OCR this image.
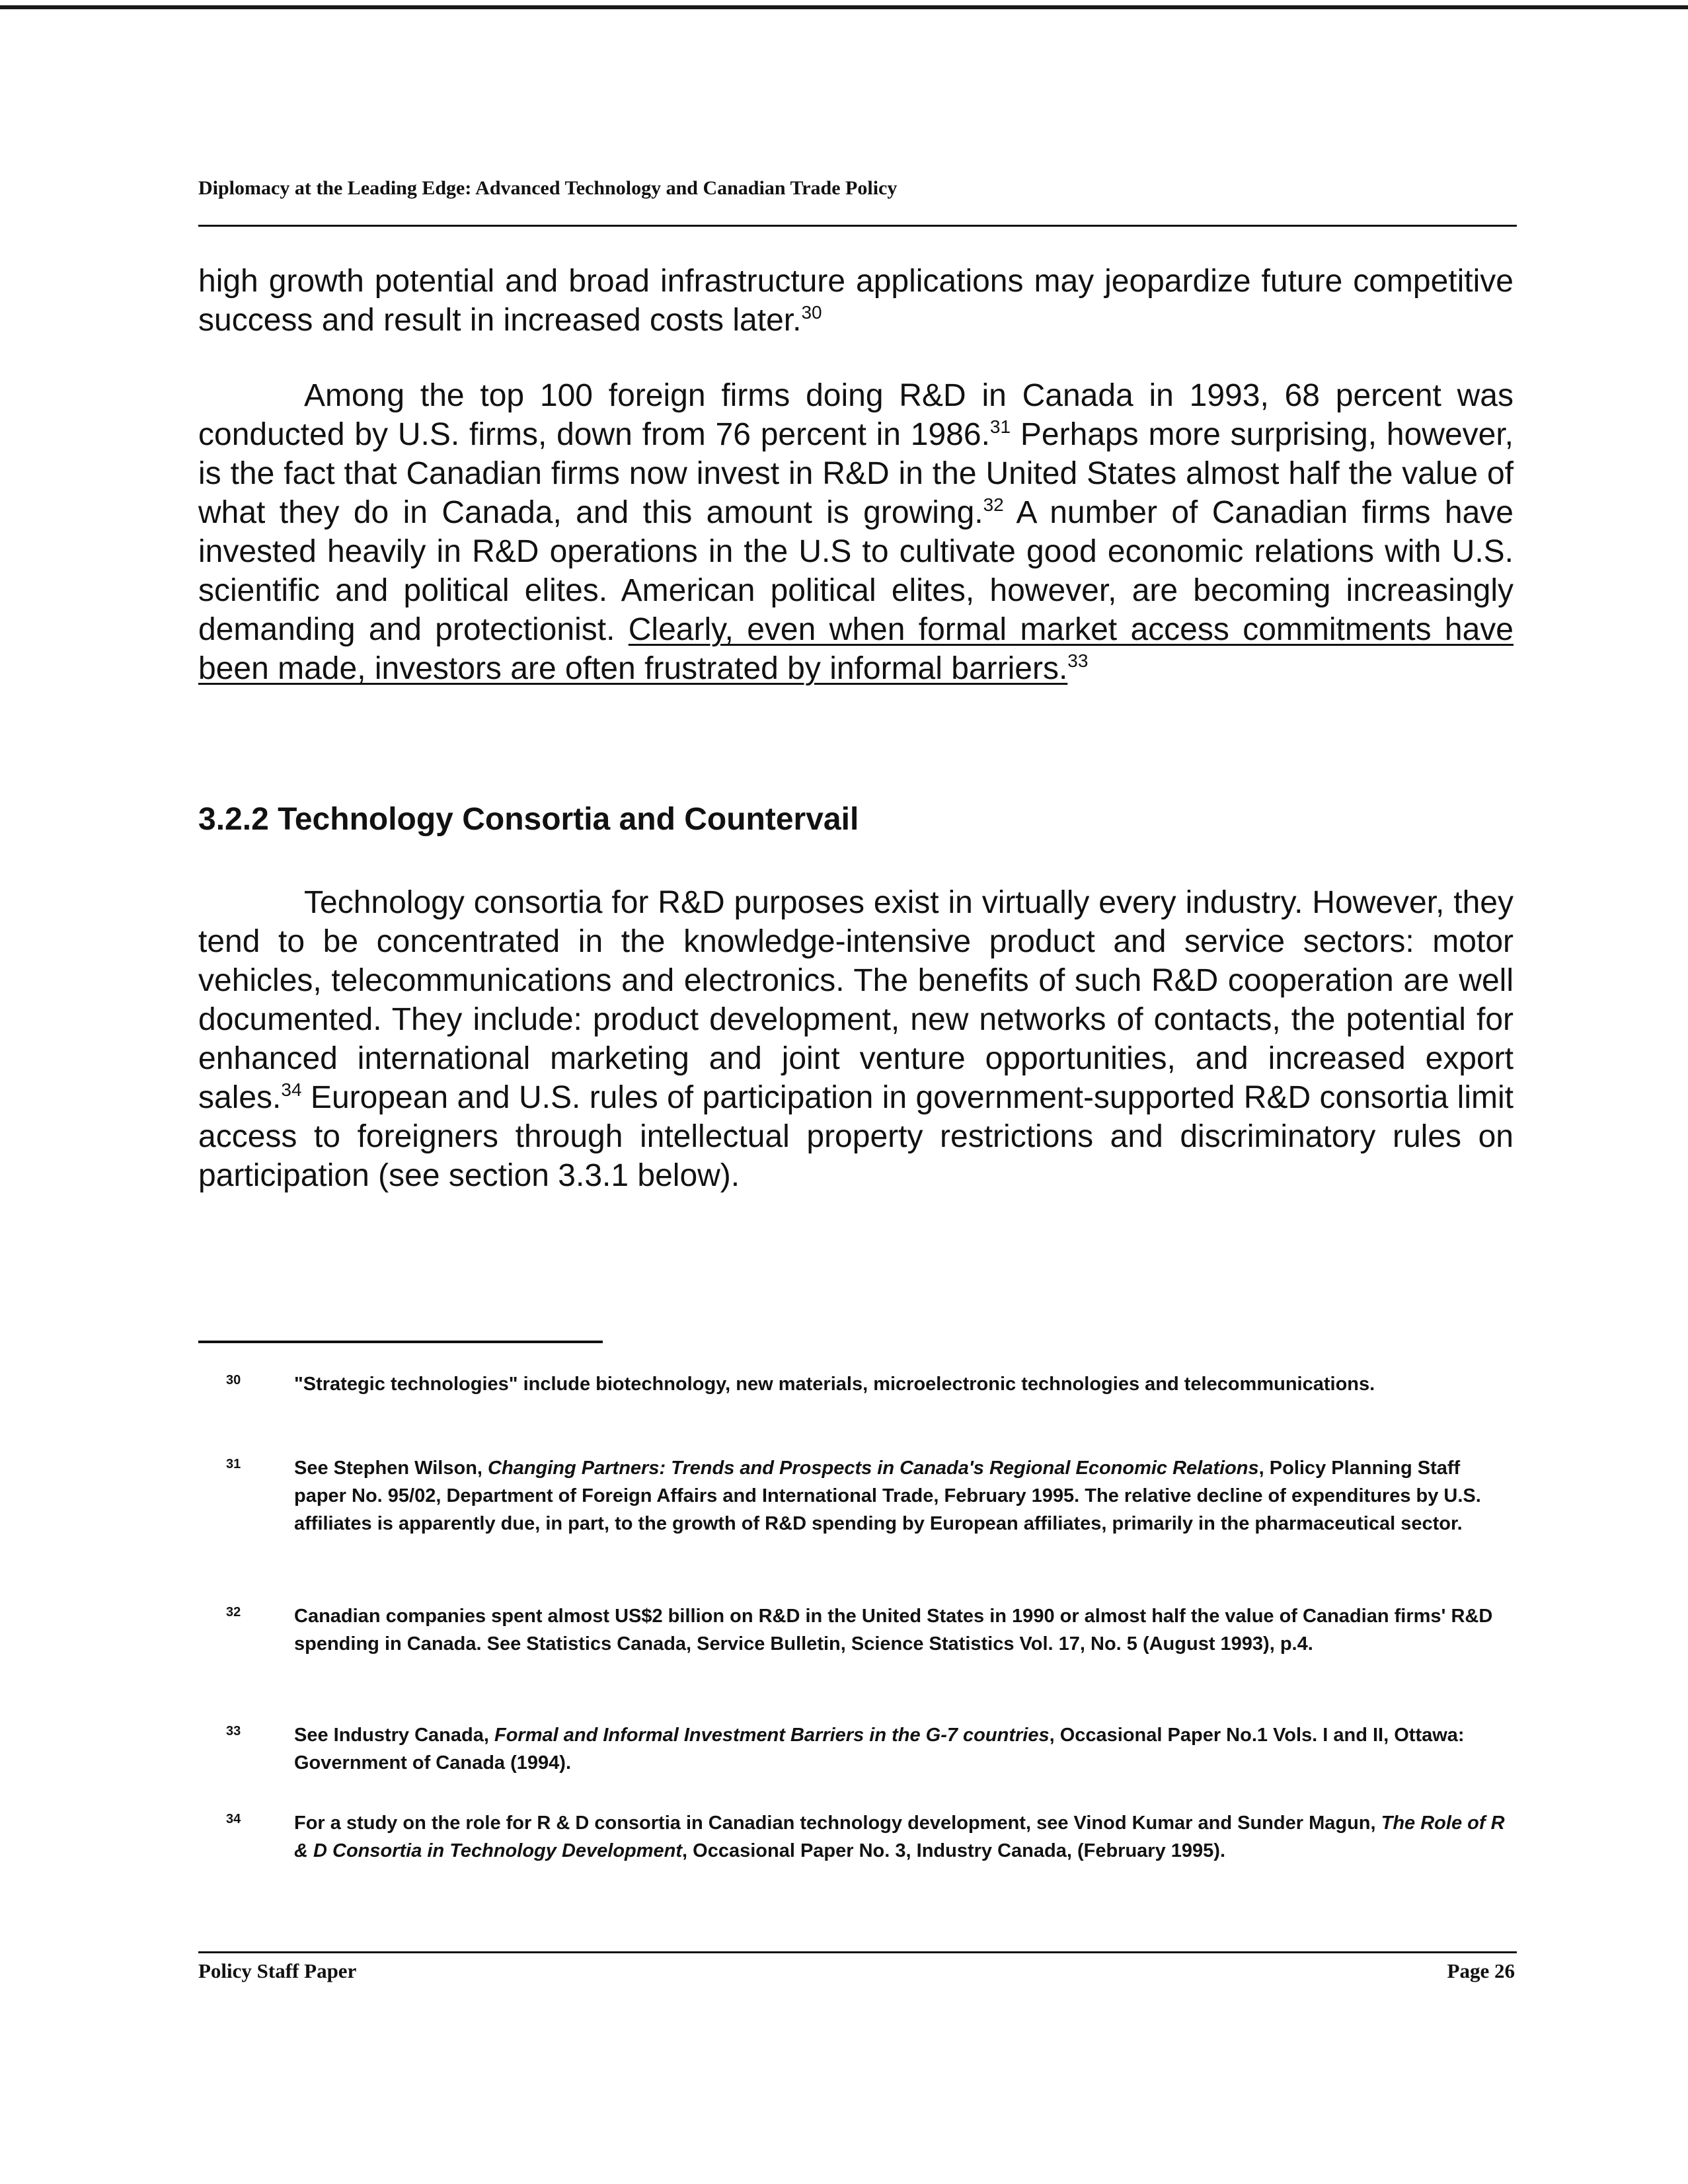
Diplomacy at the Leading Edge: Advanced Technology and Canadian Trade Policy

high growth potential and broad infrastructure applications may jeopardize future competitive success and result in increased costs later.$^{30}$

Among the top 100 foreign firms doing R&D in Canada in 1993, 68 percent was conducted by U.S. firms, down from 76 percent in 1986.31 Perhaps more surprising, however, is the fact that Canadian firms now invest in R&D in the United States almost half the value of what they do in Canada, and this amount is growing.$^{32}$ A number of Canadian firms have invested heavily in R&D operations in the U.S to cultivate good economic relations with U.S. scientific and political elites. American political elites, however, are becoming increasingly demanding and protectionist. Clearly, even when formal market access commitments have been made, investors are often frustrated by informal barriers.$^{33}$

3.2.2 Technology Consortia and Countervail

Technology consortia for R&D purposes exist in virtually every industry. However, they tend to be concentrated in the knowledge-intensive product and service sectors: motor vehicles, telecommunications and electronics. The benefits of such R&D cooperation are well documented. They include: product development, new networks of contacts, the potential for enhanced international marketing and joint venture opportunities, and increased export sales.$^{34}$ European and U.S. rules of participation in government-supported R&D consortia limit access to foreigners through intellectual property restrictions and discriminatory rules on participation (see section 3.3.1 below).

30	"Strategic technologies" include biotechnology, new materials, microelectronic technologies and telecommunications.
31	See Stephen Wilson, Changing Partners: Trends and Prospects in Canada's Regional Economic Relations, Policy Planning Staff paper No. 95/02, Department of Foreign Affairs and International Trade, February 1995. The relative decline of expenditures by U.S. affiliates is apparently due, in part, to the growth of R&D spending by European affiliates, primarily in the pharmaceutical sector.
32	Canadian companies spent almost US$2 billion on R&D in the United States in 1990 or almost half the value of Canadian firms' R&D spending in Canada. See Statistics Canada, Service Bulletin, Science Statistics Vol. 17, No. 5 (August 1993), p.4.
33	See Industry Canada, Formal and Informal Investment Barriers in the G-7 countries, Occasional Paper No.1 Vols. I and II, Ottawa: Government of Canada (1994).
34	For a study on the role for R & D consortia in Canadian technology development, see Vinod Kumar and Sunder Magun, The Role of R & D Consortia in Technology Development, Occasional Paper No. 3, Industry Canada, (February 1995).
Policy Staff Paper	Page 26
